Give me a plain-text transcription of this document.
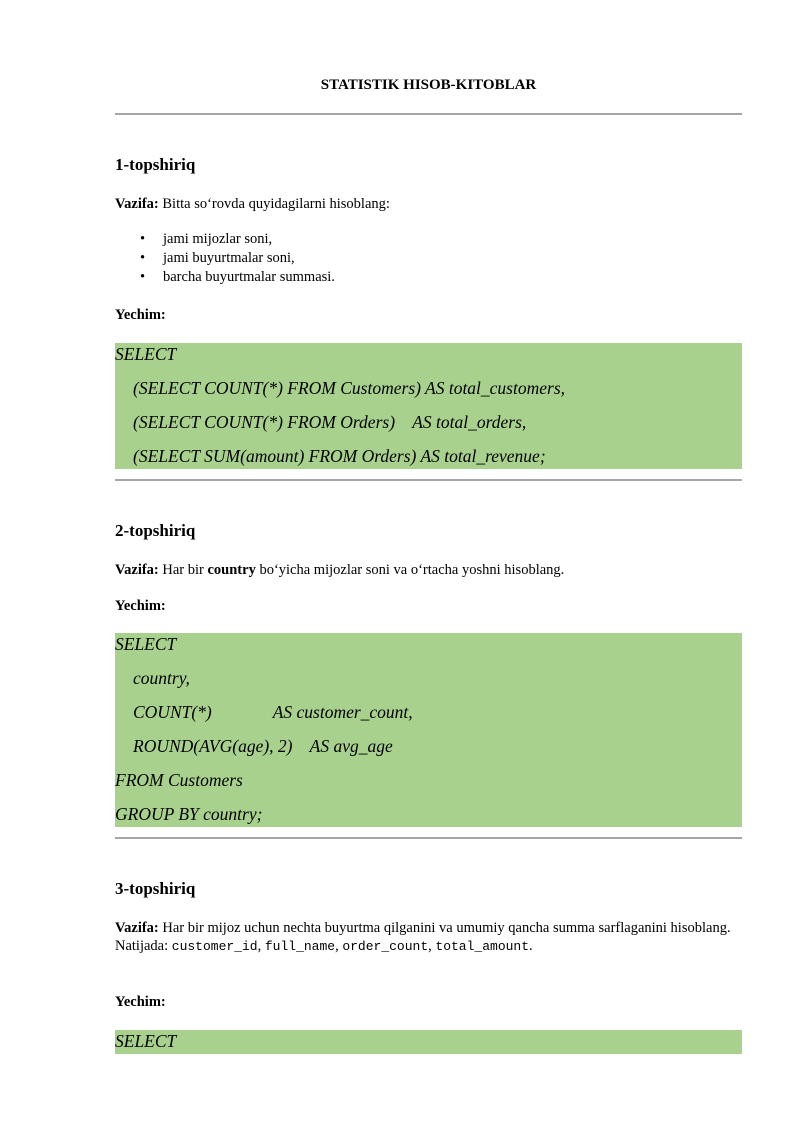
STATISTIK HISOB-KITOBLAR
1-topshiriq
Vazifa: Bitta so‘rovda quyidagilarni hisoblang:
• jami mijozlar soni,
• jami buyurtmalar soni,
• barcha buyurtmalar summasi.
Yechim:
SELECT
(SELECT COUNT(*) FROM Customers) AS total_customers,
(SELECT COUNT(*) FROM Orders)    AS total_orders,
(SELECT SUM(amount) FROM Orders) AS total_revenue;
2-topshiriq
Vazifa: Har bir country bo‘yicha mijozlar soni va o‘rtacha yoshni hisoblang.
Yechim:
SELECT
country,
COUNT(*)              AS customer_count,
ROUND(AVG(age), 2)    AS avg_age
FROM Customers
GROUP BY country;
3-topshiriq
Vazifa: Har bir mijoz uchun nechta buyurtma qilganini va umumiy qancha summa sarflaganini hisoblang.
Natijada: customer_id, full_name, order_count, total_amount.
Yechim:
SELECT
